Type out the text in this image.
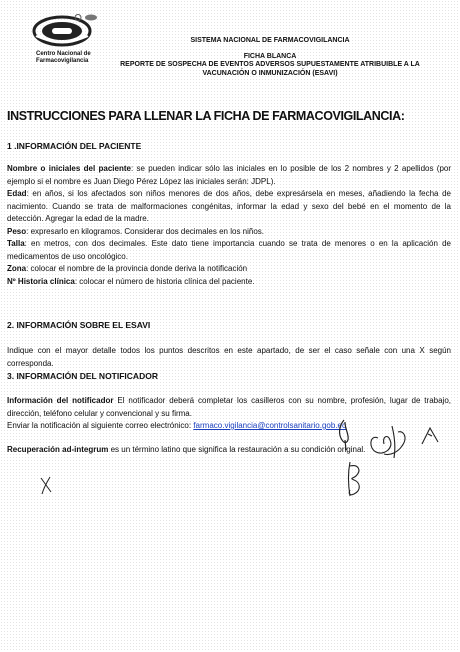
Centro Nacional de
Farmacovigilancia
SISTEMA NACIONAL DE FARMACOVIGILANCIA
FICHA BLANCA
REPORTE DE SOSPECHA DE EVENTOS ADVERSOS SUPUESTAMENTE ATRIBUIBLE A LA VACUNACIÓN O INMUNIZACIÓN (ESAVI)
INSTRUCCIONES PARA LLENAR LA FICHA DE FARMACOVIGILANCIA:
1 .INFORMACIÓN DEL PACIENTE

Nombre o iniciales del paciente: se pueden indicar sólo las iniciales en lo posible de los 2 nombres y 2 apellidos (por ejemplo si el nombre es Juan Diego Pérez López las iniciales serán: JDPL).

Edad: en años, si los afectados son niños menores de dos años, debe expresársela en meses, añadiendo la fecha de nacimiento. Cuando se trata de malformaciones congénitas, informar la edad y sexo del bebé en el momento de la detección. Agregar la edad de la madre.

Peso: expresarlo en kilogramos. Considerar dos decimales en los niños.

Talla: en metros, con dos decimales. Este dato tiene importancia cuando se trata de menores o en la aplicación de medicamentos de uso oncológico.

Zona: colocar el nombre de la provincia donde deriva la notificación

Nº Historia clínica: colocar el número de historia clínica del paciente.

2. INFORMACIÓN SOBRE EL ESAVI

Indique con el mayor detalle todos los puntos descritos en este apartado, de ser el caso señale con una X según corresponda.

3. INFORMACIÓN DEL NOTIFICADOR

Información del notificador El notificador deberá completar los casilleros con su nombre, profesión, lugar de trabajo, dirección, teléfono celular y convencional y su firma.

Enviar la notificación al siguiente correo electrónico: farmaco.vigilancia@controlsanitario.gob.ec

Recuperación ad-integrum es un término latino que significa la restauración a su condición original.
